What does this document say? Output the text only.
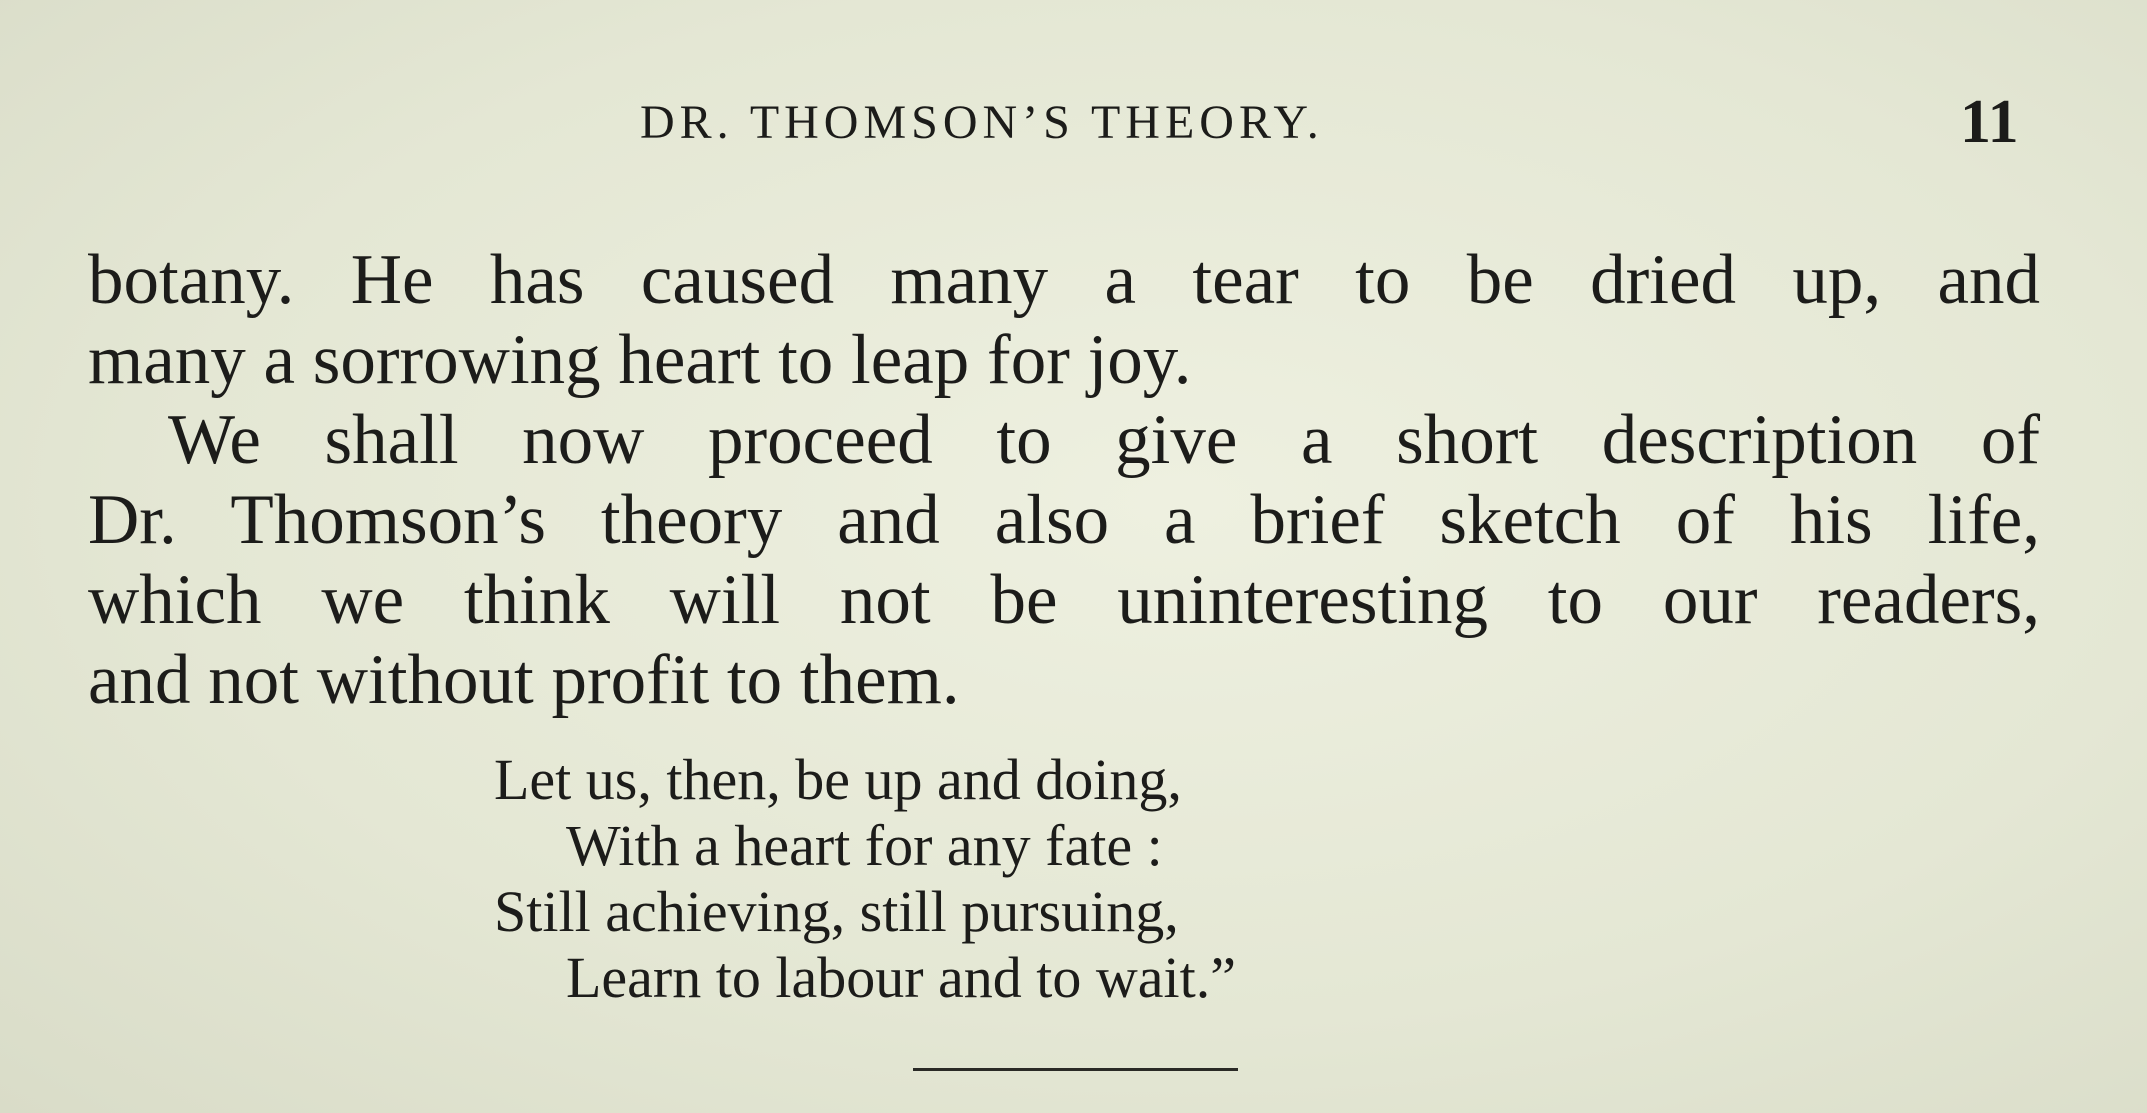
DR. THOMSON’S THEORY.	11
botany. He has caused many a tear to be dried up, and
many a sorrowing heart to leap for joy.
We shall now proceed to give a short description of
Dr. Thomson’s theory and also a brief sketch of his life,
which we think will not be uninteresting to our readers,
and not without profit to them.
Let us, then, be up and doing,
With a heart for any fate :
Still achieving, still pursuing,
Learn to labour and to wait.”
